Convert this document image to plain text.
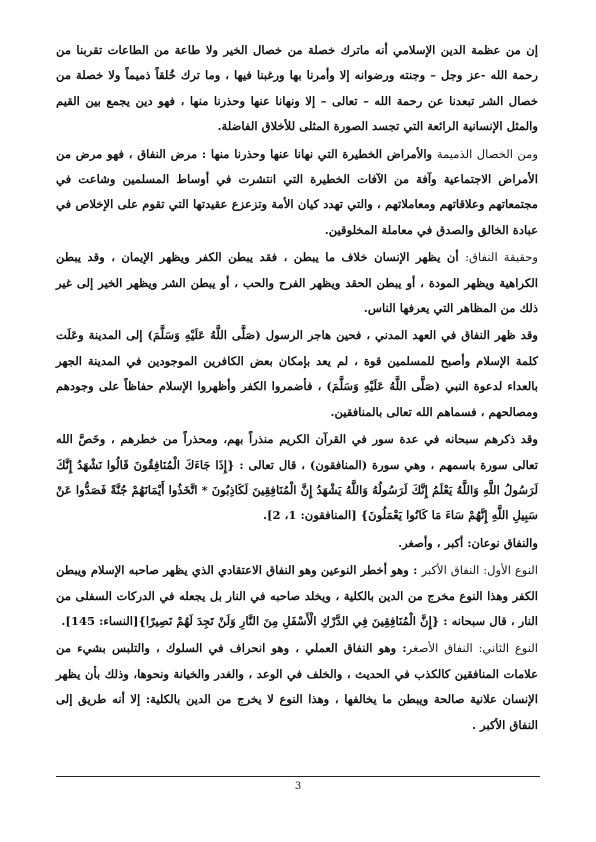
إن من عظمة الدين الإسلامي أنه ماترك خصلة من خصال الخير ولا طاعة من الطاعات تقربنا من رحمة الله -عز وجل – وجنته ورضوانه إلا وأمرنا بها ورغبنا فيها ، وما ترك خُلقاً ذميماً ولا خصلة من خصال الشر تبعدنا عن رحمة الله – تعالى – إلا ونهانا عنها وحذرنا منها ، فهو دين يجمع بين القيم والمثل الإنسانية الرائعة التي تجسد الصورة المثلى للأخلاق الفاضلة.

ومن الخصال الذميمة والأمراض الخطيرة التي نهانا عنها وحذرنا منها : مرض النفاق ، فهو مرض من الأمراض الاجتماعية وآفة من الآفات الخطيرة التي انتشرت في أوساط المسلمين وشاعت في مجتمعاتهم وعلاقاتهم ومعاملاتهم ، والتي تهدد كيان الأمة وتزعزع عقيدتها التي تقوم على الإخلاص في عبادة الخالق والصدق في معاملة المخلوقين.

وحقيقة النفاق: أن يظهر الإنسان خلاف ما يبطن ، فقد يبطن الكفر ويظهر الإيمان ، وقد يبطن الكراهية ويظهر المودة ، أو يبطن الحقد ويظهر الفرح والحب ، أو يبطن الشر ويظهر الخير إلى غير ذلك من المظاهر التي يعرفها الناس.

وقد ظهر النفاق في العهد المدني ، فحين هاجر الرسول (صَلَّى اللَّهُ عَلَيْهِ وَسَلَّمَ) إلى المدينة وعَلَت كلمة الإسلام وأصبح للمسلمين قوة ، لم يعد بإمكان بعض الكافرين الموجودين في المدينة الجهر بالعداء لدعوة النبي (صَلَّى اللَّهُ عَلَيْهِ وَسَلَّمَ) ، فأضمروا الكفر وأظهروا الإسلام حفاظاً على وجودهم ومصالحهم ، فسماهم الله تعالى بالمنافقين.

وقد ذكرهم سبحانه في عدة سور في القرآن الكريم منذراً بهم، ومحذراً من خطرهم ، وخَصَّ الله تعالى سورة باسمهم ، وهي سورة (المنافقون) ، قال تعالى : {إِذَا جَاءَكَ الْمُنَافِقُونَ قَالُوا نَشْهَدُ إِنَّكَ لَرَسُولُ اللَّهِ وَاللَّهُ يَعْلَمُ إِنَّكَ لَرَسُولُهُ وَاللَّهُ يَشْهَدُ إِنَّ الْمُنَافِقِينَ لَكَاذِبُونَ * اتَّخَذُوا أَيْمَانَهُمْ جُنَّةً فَصَدُّوا عَنْ سَبِيلِ اللَّهِ إِنَّهُمْ سَاءَ مَا كَانُوا يَعْمَلُونَ} [المنافقون: 1، 2].

والنفاق نوعان: أكبر ، وأصغر.

النوع الأول: النفاق الأكبر : وهو أخطر النوعين وهو النفاق الاعتقادي الذي يظهر صاحبه الإسلام ويبطن الكفر وهذا النوع مخرج من الدين بالكلية ، ويخلد صاحبه في النار بل يجعله في الدركات السفلى من النار ، قال سبحانه : {إِنَّ الْمُنَافِقِينَ فِي الدَّرْكِ الْأَسْفَلِ مِنَ النَّارِ وَلَنْ تَجِدَ لَهُمْ نَصِيرًا}[النساء: 145].

النوع الثاني: النفاق الأصغر: وهو النفاق العملي ، وهو انحراف في السلوك ، والتلبس بشيء من علامات المنافقين كالكذب في الحديث ، والخلف في الوعد ، والغدر والخيانة ونحوها، وذلك بأن يظهر الإنسان علانية صالحة ويبطن ما يخالفها ، وهذا النوع لا يخرج من الدين بالكلية: إلا أنه طريق إلى النفاق الأكبر .

3
